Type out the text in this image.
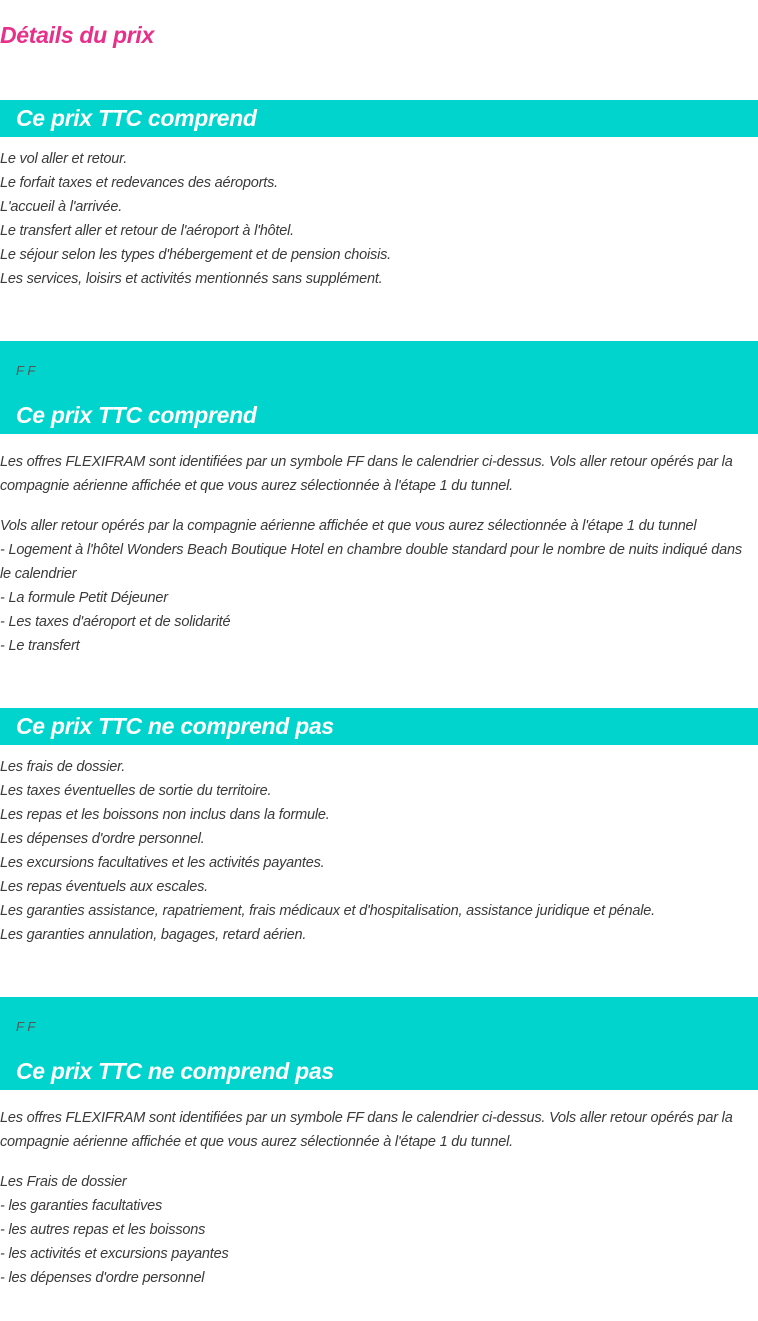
Détails du prix
Ce prix TTC comprend
Le vol aller et retour.
Le forfait taxes et redevances des aéroports.
L'accueil à l'arrivée.
Le transfert aller et retour de l'aéroport à l'hôtel.
Le séjour selon les types d'hébergement et de pension choisis.
Les services, loisirs et activités mentionnés sans supplément.
F F
Ce prix TTC comprend
Les offres FLEXIFRAM sont identifiées par un symbole FF dans le calendrier ci-dessus. Vols aller retour opérés par la
compagnie aérienne affichée et que vous aurez sélectionnée à l'étape 1 du tunnel.
Vols aller retour opérés par la compagnie aérienne affichée et que vous aurez sélectionnée à l'étape 1 du tunnel
- Logement à l'hôtel Wonders Beach Boutique Hotel en chambre double standard pour le nombre de nuits indiqué dans
le calendrier
- La formule Petit Déjeuner
- Les taxes d'aéroport et de solidarité
- Le transfert
Ce prix TTC ne comprend pas
Les frais de dossier.
Les taxes éventuelles de sortie du territoire.
Les repas et les boissons non inclus dans la formule.
Les dépenses d'ordre personnel.
Les excursions facultatives et les activités payantes.
Les repas éventuels aux escales.
Les garanties assistance, rapatriement, frais médicaux et d'hospitalisation, assistance juridique et pénale.
Les garanties annulation, bagages, retard aérien.
F F
Ce prix TTC ne comprend pas
Les offres FLEXIFRAM sont identifiées par un symbole FF dans le calendrier ci-dessus. Vols aller retour opérés par la
compagnie aérienne affichée et que vous aurez sélectionnée à l'étape 1 du tunnel.
Les Frais de dossier
- les garanties facultatives
- les autres repas et les boissons
- les activités et excursions payantes
- les dépenses d'ordre personnel
